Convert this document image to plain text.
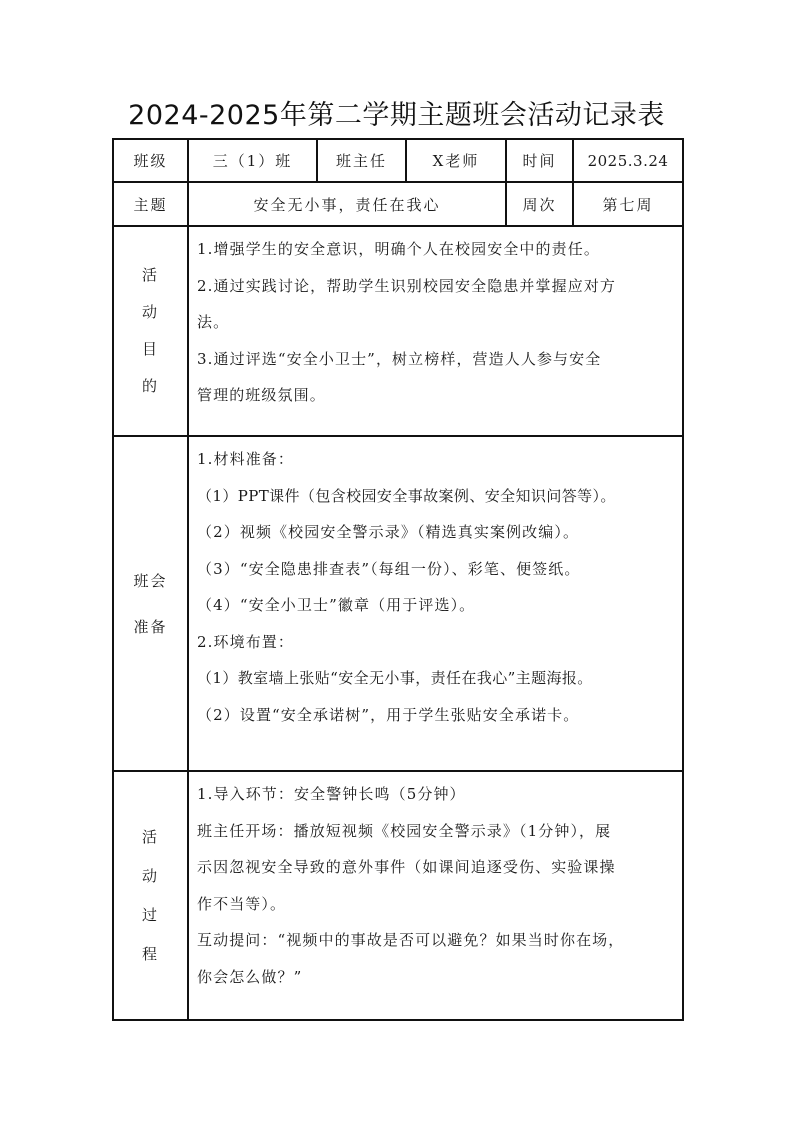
2024-2025年第二学期主题班会活动记录表
班级	三（1）班	班主任	X老师	时间	2025.3.24
主题	安全无小事，责任在我心			周次	第七周

活
动
目
的

1.增强学生的安全意识，明确个人在校园安全中的责任。
2.通过实践讨论，帮助学生识别校园安全隐患并掌握应对方
法。
3.通过评选“安全小卫士”，树立榜样，营造人人参与安全
管理的班级氛围。

班会
准备

1.材料准备：
（1）PPT课件（包含校园安全事故案例、安全知识问答等）。
（2）视频《校园安全警示录》（精选真实案例改编）。
（3）“安全隐患排查表”（每组一份）、彩笔、便签纸。
（4）“安全小卫士”徽章（用于评选）。
2.环境布置：
（1）教室墙上张贴“安全无小事，责任在我心”主题海报。
（2）设置“安全承诺树”，用于学生张贴安全承诺卡。

活
动
过
程

1.导入环节：安全警钟长鸣（5分钟）
班主任开场：播放短视频《校园安全警示录》（1分钟），展
示因忽视安全导致的意外事件（如课间追逐受伤、实验课操
作不当等）。
互动提问：“视频中的事故是否可以避免？如果当时你在场，
你会怎么做？”
